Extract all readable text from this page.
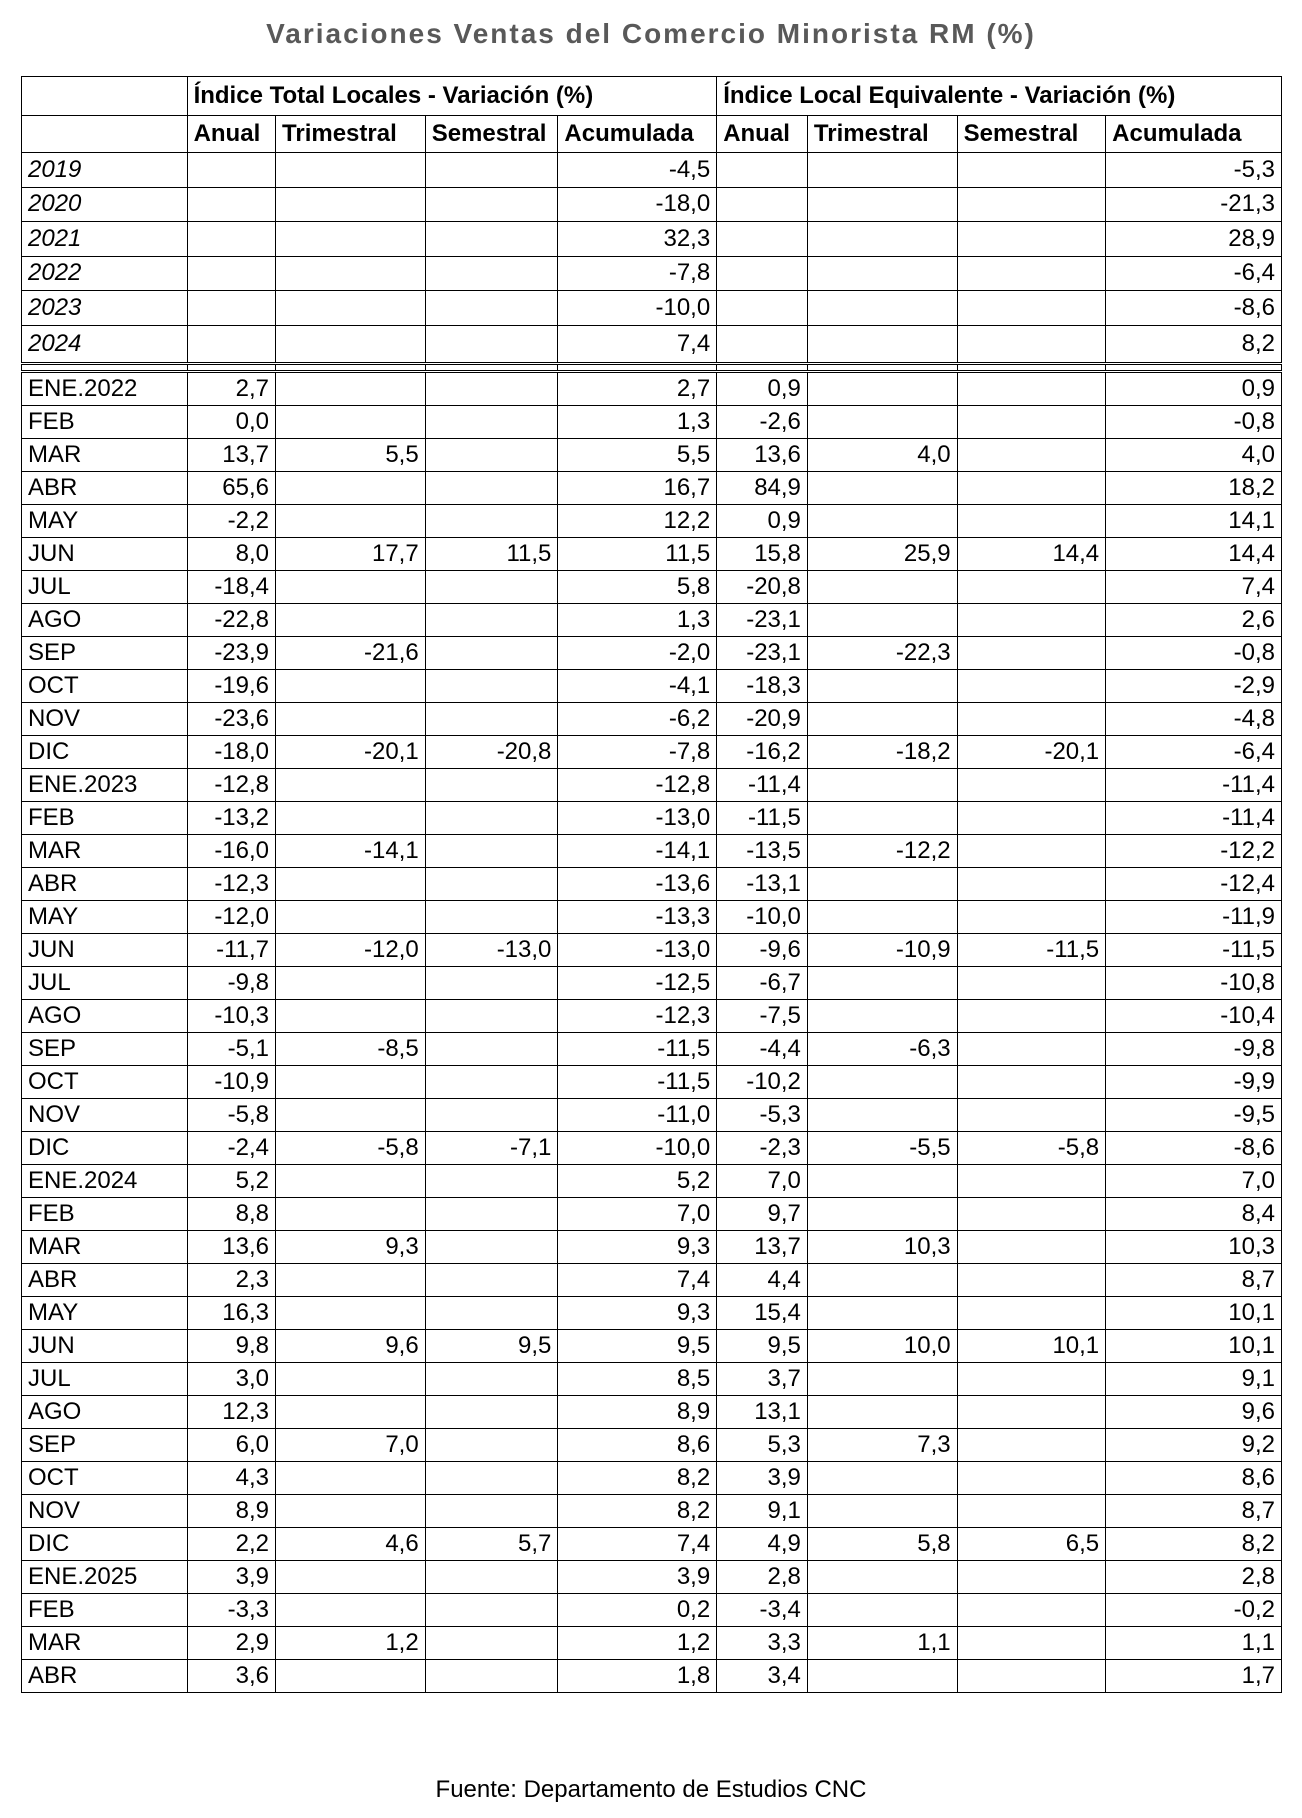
Variaciones Ventas del Comercio Minorista RM (%)
	Índice Total Locales - Variación (%)				Índice Local Equivalente - Variación (%)			
	Anual	Trimestral	Semestral	Acumulada	Anual	Trimestral	Semestral	Acumulada
2019				-4,5				-5,3
2020				-18,0				-21,3
2021				32,3				28,9
2022				-7,8				-6,4
2023				-10,0				-8,6
2024				7,4				8,2

ENE.2022	2,7			2,7	0,9			0,9
FEB	0,0			1,3	-2,6			-0,8
MAR	13,7	5,5		5,5	13,6	4,0		4,0
ABR	65,6			16,7	84,9			18,2
MAY	-2,2			12,2	0,9			14,1
JUN	8,0	17,7	11,5	11,5	15,8	25,9	14,4	14,4
JUL	-18,4			5,8	-20,8			7,4
AGO	-22,8			1,3	-23,1			2,6
SEP	-23,9	-21,6		-2,0	-23,1	-22,3		-0,8
OCT	-19,6			-4,1	-18,3			-2,9
NOV	-23,6			-6,2	-20,9			-4,8
DIC	-18,0	-20,1	-20,8	-7,8	-16,2	-18,2	-20,1	-6,4
ENE.2023	-12,8			-12,8	-11,4			-11,4
FEB	-13,2			-13,0	-11,5			-11,4
MAR	-16,0	-14,1		-14,1	-13,5	-12,2		-12,2
ABR	-12,3			-13,6	-13,1			-12,4
MAY	-12,0			-13,3	-10,0			-11,9
JUN	-11,7	-12,0	-13,0	-13,0	-9,6	-10,9	-11,5	-11,5
JUL	-9,8			-12,5	-6,7			-10,8
AGO	-10,3			-12,3	-7,5			-10,4
SEP	-5,1	-8,5		-11,5	-4,4	-6,3		-9,8
OCT	-10,9			-11,5	-10,2			-9,9
NOV	-5,8			-11,0	-5,3			-9,5
DIC	-2,4	-5,8	-7,1	-10,0	-2,3	-5,5	-5,8	-8,6
ENE.2024	5,2			5,2	7,0			7,0
FEB	8,8			7,0	9,7			8,4
MAR	13,6	9,3		9,3	13,7	10,3		10,3
ABR	2,3			7,4	4,4			8,7
MAY	16,3			9,3	15,4			10,1
JUN	9,8	9,6	9,5	9,5	9,5	10,0	10,1	10,1
JUL	3,0			8,5	3,7			9,1
AGO	12,3			8,9	13,1			9,6
SEP	6,0	7,0		8,6	5,3	7,3		9,2
OCT	4,3			8,2	3,9			8,6
NOV	8,9			8,2	9,1			8,7
DIC	2,2	4,6	5,7	7,4	4,9	5,8	6,5	8,2
ENE.2025	3,9			3,9	2,8			2,8
FEB	-3,3			0,2	-3,4			-0,2
MAR	2,9	1,2		1,2	3,3	1,1		1,1
ABR	3,6			1,8	3,4			1,7
Fuente: Departamento de Estudios CNC
